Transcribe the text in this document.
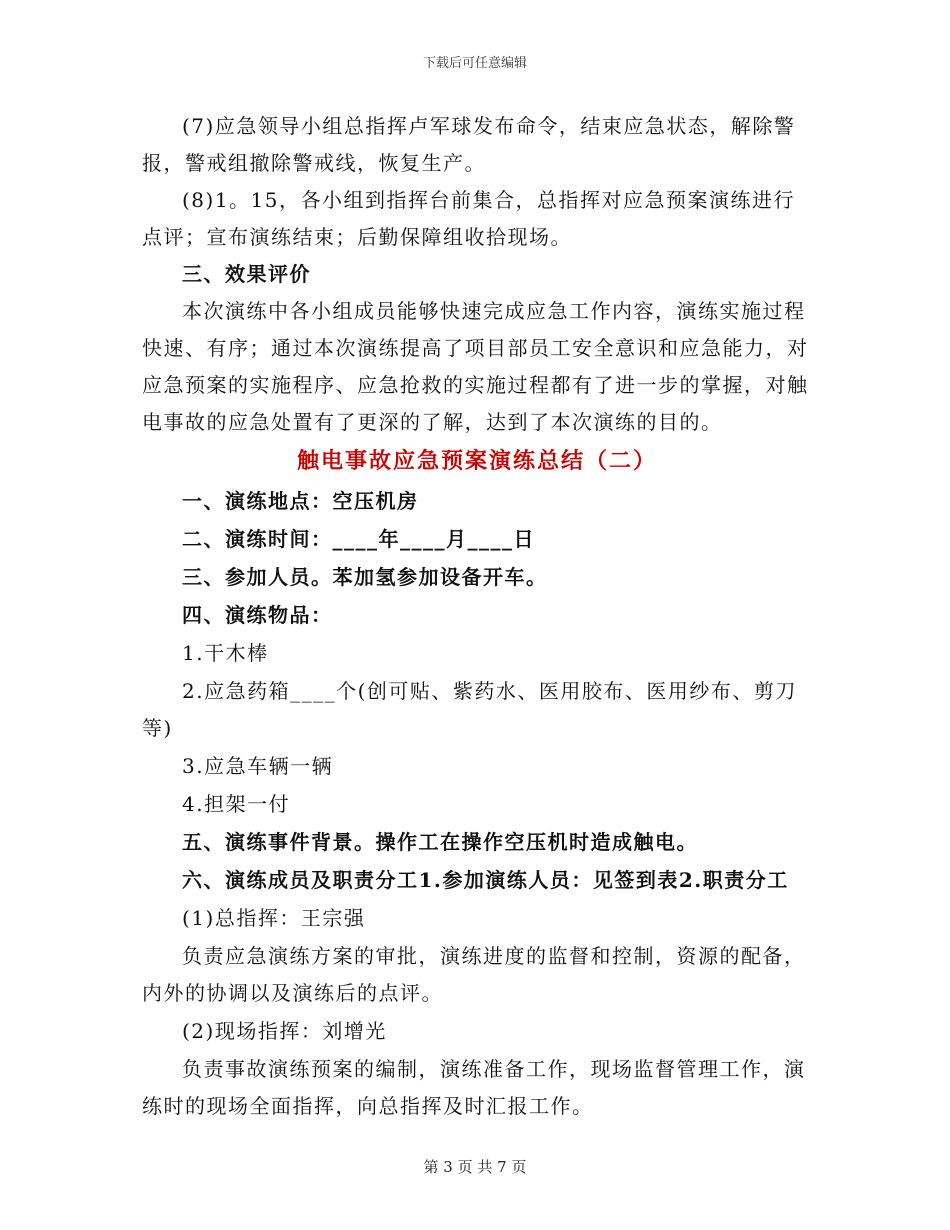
下载后可任意编辑

(7)应急领导小组总指挥卢军球发布命令，结束应急状态，解除警报，警戒组撤除警戒线，恢复生产。

(8)1。15，各小组到指挥台前集合，总指挥对应急预案演练进行点评；宣布演练结束；后勤保障组收拾现场。

三、效果评价

本次演练中各小组成员能够快速完成应急工作内容，演练实施过程快速、有序；通过本次演练提高了项目部员工安全意识和应急能力，对应急预案的实施程序、应急抢救的实施过程都有了进一步的掌握，对触电事故的应急处置有了更深的了解，达到了本次演练的目的。

触电事故应急预案演练总结（二）

一、演练地点：空压机房

二、演练时间：____年____月____日

三、参加人员。苯加氢参加设备开车。

四、演练物品：

1.干木棒

2.应急药箱____个(创可贴、紫药水、医用胶布、医用纱布、剪刀等)

3.应急车辆一辆

4.担架一付

五、演练事件背景。操作工在操作空压机时造成触电。

六、演练成员及职责分工1.参加演练人员：见签到表2.职责分工

(1)总指挥：王宗强

负责应急演练方案的审批，演练进度的监督和控制，资源的配备，内外的协调以及演练后的点评。

(2)现场指挥：刘增光

负责事故演练预案的编制，演练准备工作，现场监督管理工作，演练时的现场全面指挥，向总指挥及时汇报工作。

第 3 页 共 7 页
